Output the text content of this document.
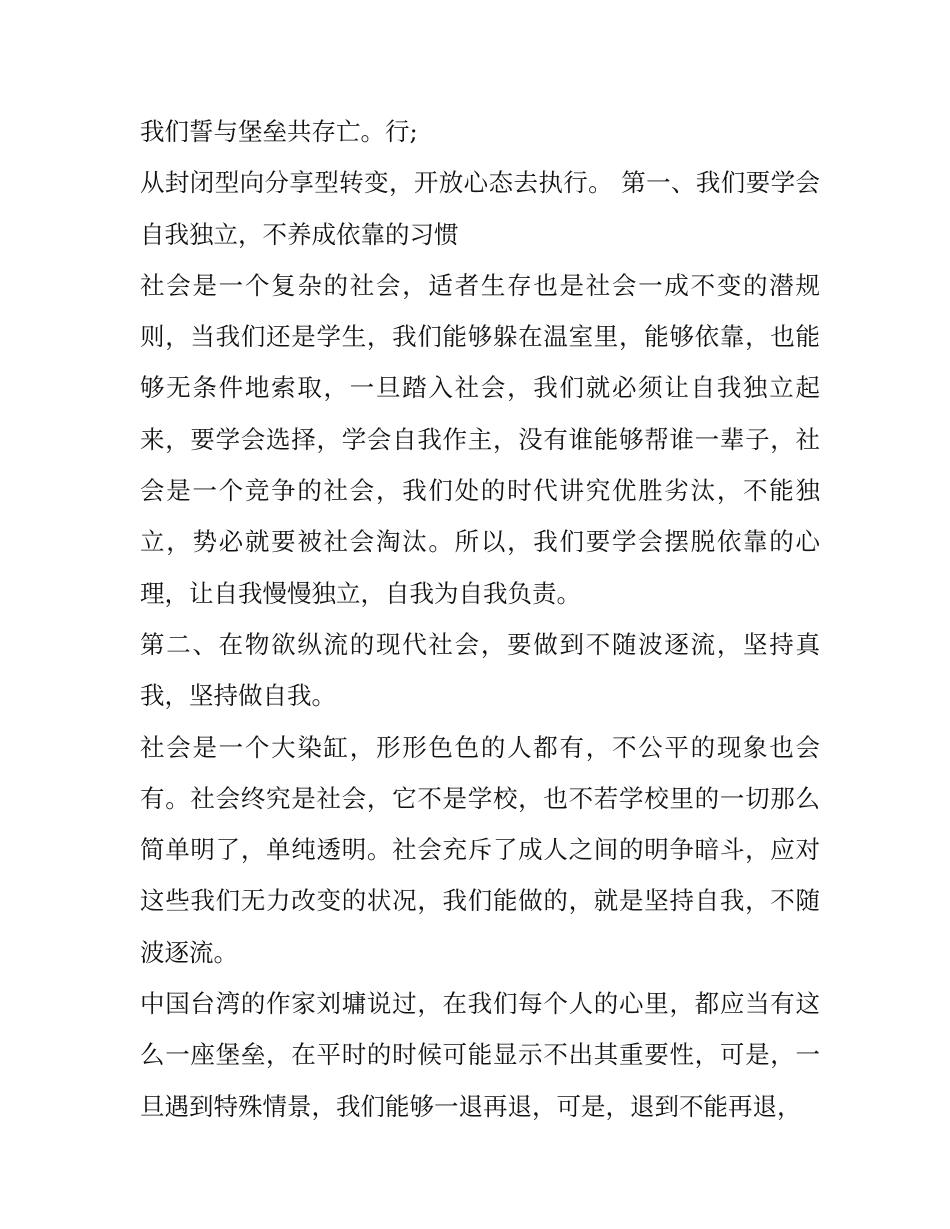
我们誓与堡垒共存亡。行;

从封闭型向分享型转变，开放心态去执行。 第一、我们要学会自我独立，不养成依靠的习惯

社会是一个复杂的社会，适者生存也是社会一成不变的潜规则，当我们还是学生，我们能够躲在温室里，能够依靠，也能够无条件地索取，一旦踏入社会，我们就必须让自我独立起来，要学会选择，学会自我作主，没有谁能够帮谁一辈子，社会是一个竞争的社会，我们处的时代讲究优胜劣汰，不能独立，势必就要被社会淘汰。所以，我们要学会摆脱依靠的心理，让自我慢慢独立，自我为自我负责。

第二、在物欲纵流的现代社会，要做到不随波逐流，坚持真我，坚持做自我。

社会是一个大染缸，形形色色的人都有，不公平的现象也会有。社会终究是社会，它不是学校，也不若学校里的一切那么简单明了，单纯透明。社会充斥了成人之间的明争暗斗，应对这些我们无力改变的状况，我们能做的，就是坚持自我，不随波逐流。

中国台湾的作家刘墉说过，在我们每个人的心里，都应当有这么一座堡垒，在平时的时候可能显示不出其重要性，可是，一旦遇到特殊情景，我们能够一退再退，可是，退到不能再退，
